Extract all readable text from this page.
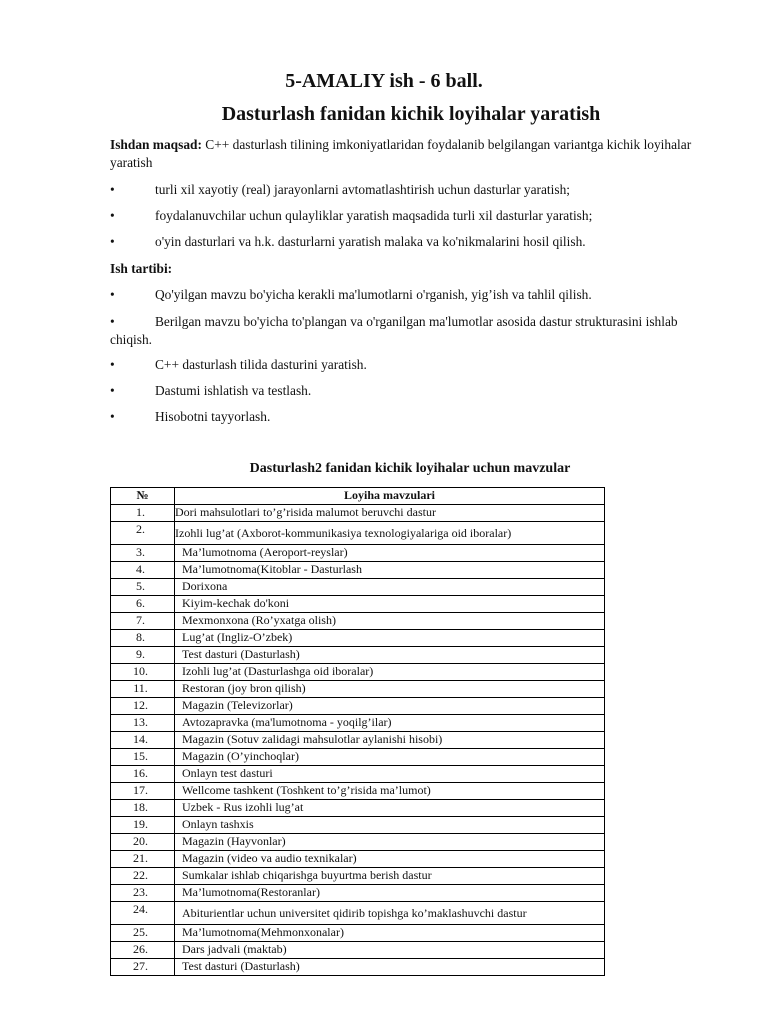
5-AMALIY ish - 6 ball.
Dasturlash fanidan kichik loyihalar yaratish
Ishdan maqsad: C++ dasturlash tilining imkoniyatlaridan foydalanib belgilangan variantga kichik loyihalar yaratish
•	turli xil xayotiy (real) jarayonlarni avtomatlashtirish uchun dasturlar yaratish;
•	foydalanuvchilar uchun qulayliklar yaratish maqsadida turli xil dasturlar yaratish;
•	o'yin dasturlari va h.k. dasturlarni yaratish malaka va ko'nikmalarini hosil qilish.
Ish tartibi:
•	Qo'yilgan mavzu bo'yicha kerakli ma'lumotlarni o'rganish, yig’ish va tahlil qilish.
•	Berilgan mavzu bo'yicha to'plangan va o'rganilgan ma'lumotlar asosida dastur strukturasini ishlab chiqish.
•	C++ dasturlash tilida dasturini yaratish.
•	Dastumi ishlatish va testlash.
•	Hisobotni tayyorlash.
Dasturlash2 fanidan kichik loyihalar uchun mavzular
№	Loyiha mavzulari
1.	Dori mahsulotlari to’g’risida malumot beruvchi dastur
2.	Izohli lug’at (Axborot-kommunikasiya texnologiyalariga oid iboralar)
3.	Ma’lumotnoma (Aeroport-reyslar)
4.	Ma’lumotnoma(Kitoblar - Dasturlash
5.	Dorixona
6.	Kiyim-kechak do'koni
7.	Mexmonxona (Ro’yxatga olish)
8.	Lug’at (Ingliz-O’zbek)
9.	Test dasturi (Dasturlash)
10.	Izohli lug’at (Dasturlashga oid iboralar)
11.	Restoran (joy bron qilish)
12.	Magazin (Televizorlar)
13.	Avtozapravka (ma'lumotnoma - yoqilg’ilar)
14.	Magazin (Sotuv zalidagi mahsulotlar aylanishi hisobi)
15.	Magazin (O’yinchoqlar)
16.	Onlayn test dasturi
17.	Wellcome tashkent (Toshkent to’g’risida ma’lumot)
18.	Uzbek - Rus izohli lug’at
19.	Onlayn tashxis
20.	Magazin (Hayvonlar)
21.	Magazin (video va audio texnikalar)
22.	Sumkalar ishlab chiqarishga buyurtma berish dastur
23.	Ma’lumotnoma(Restoranlar)
24.	Abiturientlar uchun universitet qidirib topishga ko’maklashuvchi dastur
25.	Ma’lumotnoma(Mehmonxonalar)
26.	Dars jadvali (maktab)
27.	Test dasturi (Dasturlash)
